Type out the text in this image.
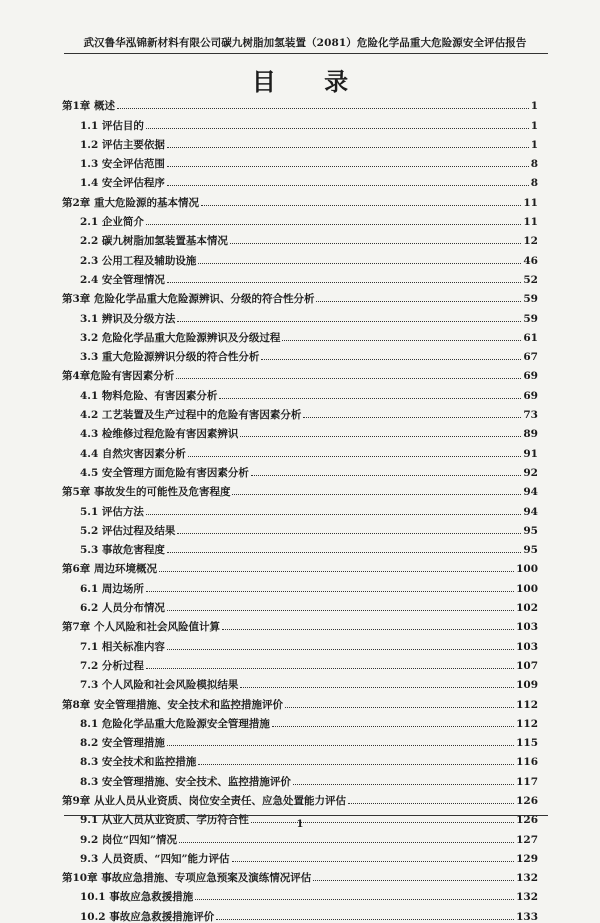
武汉鲁华泓锦新材料有限公司碳九树脂加氢装置（2081）危险化学品重大危险源安全评估报告
目 录
第1章 概述	1
1.1 评估目的	1
1.2 评估主要依据	1
1.3 安全评估范围	8
1.4 安全评估程序	8
第2章 重大危险源的基本情况	11
2.1 企业简介	11
2.2 碳九树脂加氢装置基本情况	12
2.3 公用工程及辅助设施	46
2.4 安全管理情况	52
第3章 危险化学品重大危险源辨识、分级的符合性分析	59
3.1 辨识及分级方法	59
3.2 危险化学品重大危险源辨识及分级过程	61
3.3 重大危险源辨识分级的符合性分析	67
第4章危险有害因素分析	69
4.1 物料危险、有害因素分析	69
4.2 工艺装置及生产过程中的危险有害因素分析	73
4.3 检维修过程危险有害因素辨识	89
4.4 自然灾害因素分析	91
4.5 安全管理方面危险有害因素分析	92
第5章 事故发生的可能性及危害程度	94
5.1 评估方法	94
5.2 评估过程及结果	95
5.3 事故危害程度	95
第6章 周边环境概况	100
6.1 周边场所	100
6.2 人员分布情况	102
第7章 个人风险和社会风险值计算	103
7.1 相关标准内容	103
7.2 分析过程	107
7.3 个人风险和社会风险模拟结果	109
第8章 安全管理措施、安全技术和监控措施评价	112
8.1 危险化学品重大危险源安全管理措施	112
8.2 安全管理措施	115
8.3 安全技术和监控措施	116
8.3 安全管理措施、安全技术、监控措施评价	117
第9章 从业人员从业资质、岗位安全责任、应急处置能力评估	126
9.1 从业人员从业资质、学历符合性	126
9.2 岗位“四知”情况	127
9.3 人员资质、“四知”能力评估	129
第10章 事故应急措施、专项应急预案及演练情况评估	132
10.1 事故应急救援措施	132
10.2 事故应急救援措施评价	133
1
